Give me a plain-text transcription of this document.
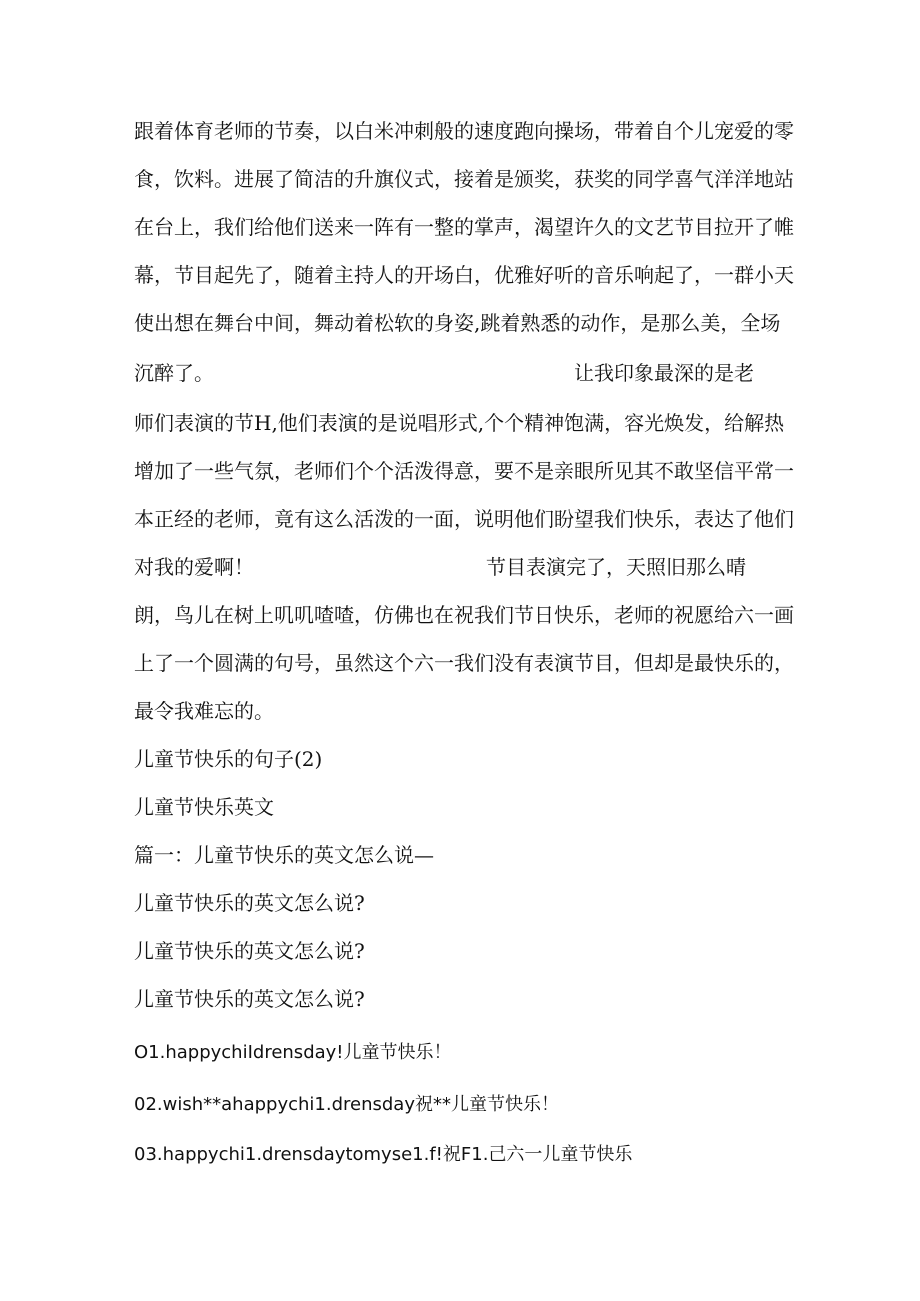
跟着体育老师的节奏，以白米冲刺般的速度跑向操场，带着自个儿宠爱的零
食，饮料。进展了简洁的升旗仪式，接着是颁奖，获奖的同学喜气洋洋地站
在台上，我们给他们送来一阵有一整的掌声，渴望许久的文艺节目拉开了帷
幕，节目起先了，随着主持人的开场白，优雅好听的音乐响起了，一群小天
使出想在舞台中间，舞动着松软的身姿,跳着熟悉的动作，是那么美，全场
沉醉了。	让我印象最深的是老
师们表演的节H,他们表演的是说唱形式,个个精神饱满，容光焕发，给解热
增加了一些气氛，老师们个个活泼得意，要不是亲眼所见其不敢坚信平常一
本正经的老师，竟有这么活泼的一面，说明他们盼望我们快乐，表达了他们
对我的爱啊！	节目表演完了，天照旧那么晴
朗，鸟儿在树上叽叽喳喳，仿佛也在祝我们节日快乐，老师的祝愿给六一画
上了一个圆满的句号，虽然这个六一我们没有表演节目，但却是最快乐的，
最令我难忘的。
儿童节快乐的句子(2)
儿童节快乐英文
篇一：儿童节快乐的英文怎么说—
儿童节快乐的英文怎么说?
儿童节快乐的英文怎么说?
儿童节快乐的英文怎么说?
O1.happychiIdrensday!儿童节快乐！
02.wish**ahappychi1.drensday祝**儿童节快乐！
03.happychi1.drensdaytomyse1.f!祝F1.己六一儿童节快乐
